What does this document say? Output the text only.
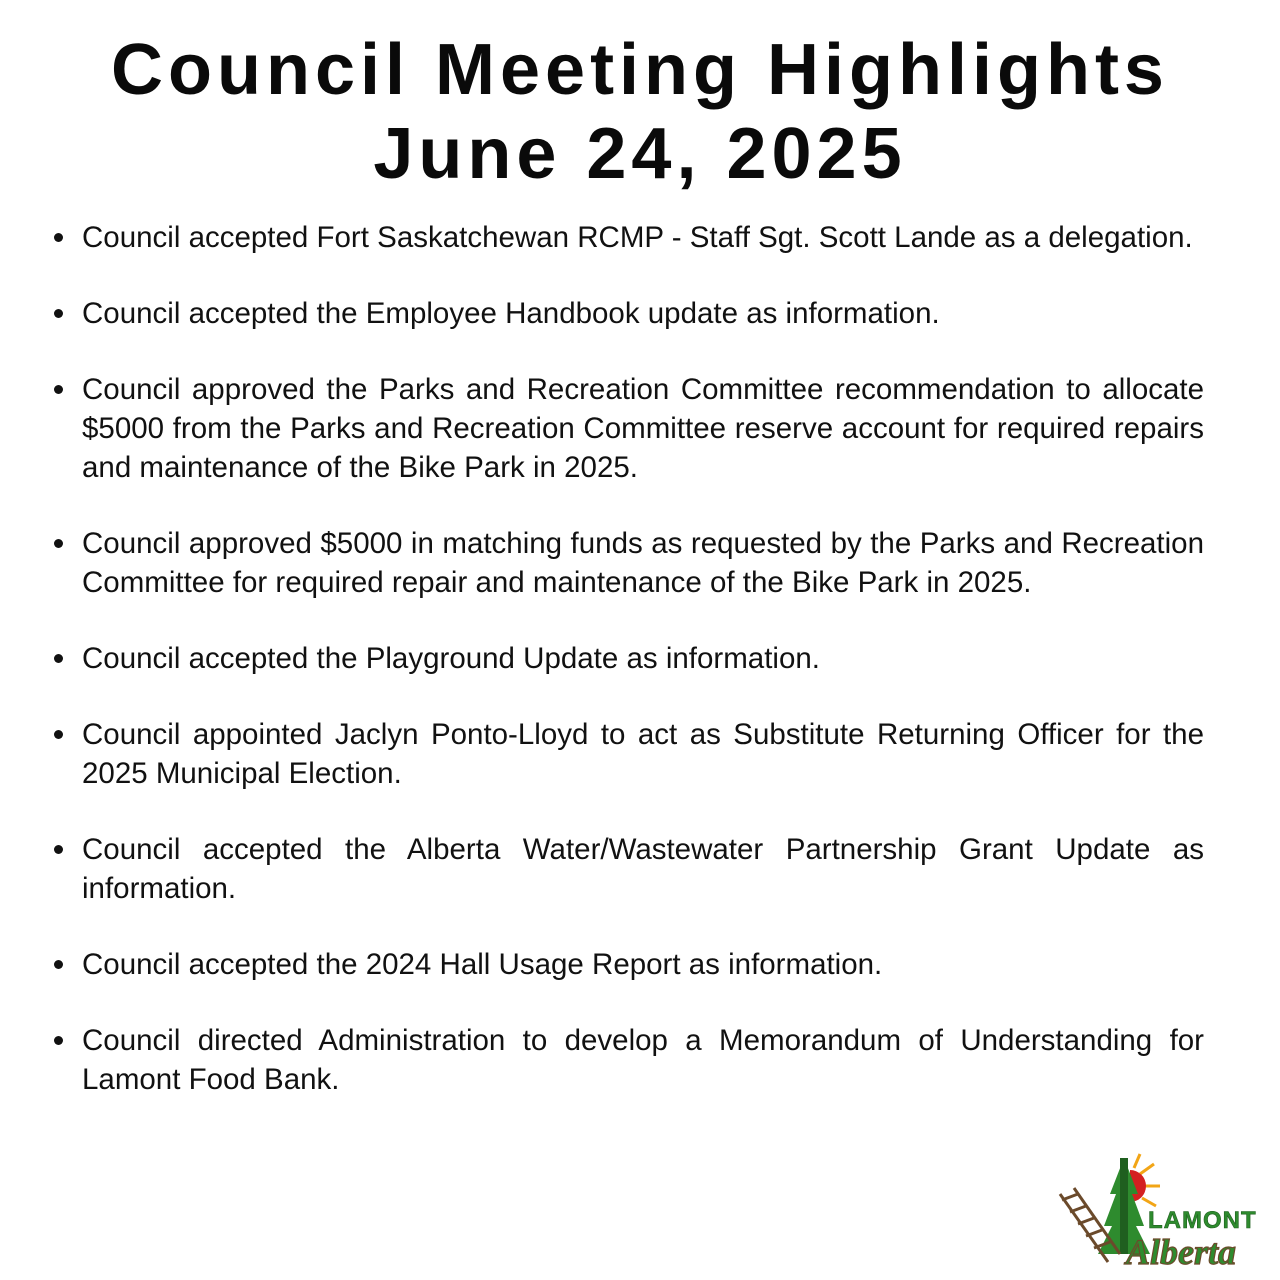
Council Meeting Highlights
June 24, 2025
Council accepted Fort Saskatchewan RCMP - Staff Sgt. Scott Lande as a delegation.
Council accepted the Employee Handbook update as information.
Council approved the Parks and Recreation Committee recommendation to allocate $5000 from the Parks and Recreation Committee reserve account for required repairs and maintenance of the Bike Park in 2025.
Council approved $5000 in matching funds as requested by the Parks and Recreation Committee for required repair and maintenance of the Bike Park in 2025.
Council accepted the Playground Update as information.
Council appointed Jaclyn Ponto-Lloyd to act as Substitute Returning Officer for the 2025 Municipal Election.
Council accepted the Alberta Water/Wastewater Partnership Grant Update as information.
Council accepted the 2024 Hall Usage Report as information.
Council directed Administration to develop a Memorandum of Understanding for Lamont Food Bank.
LAMONT
Alberta
